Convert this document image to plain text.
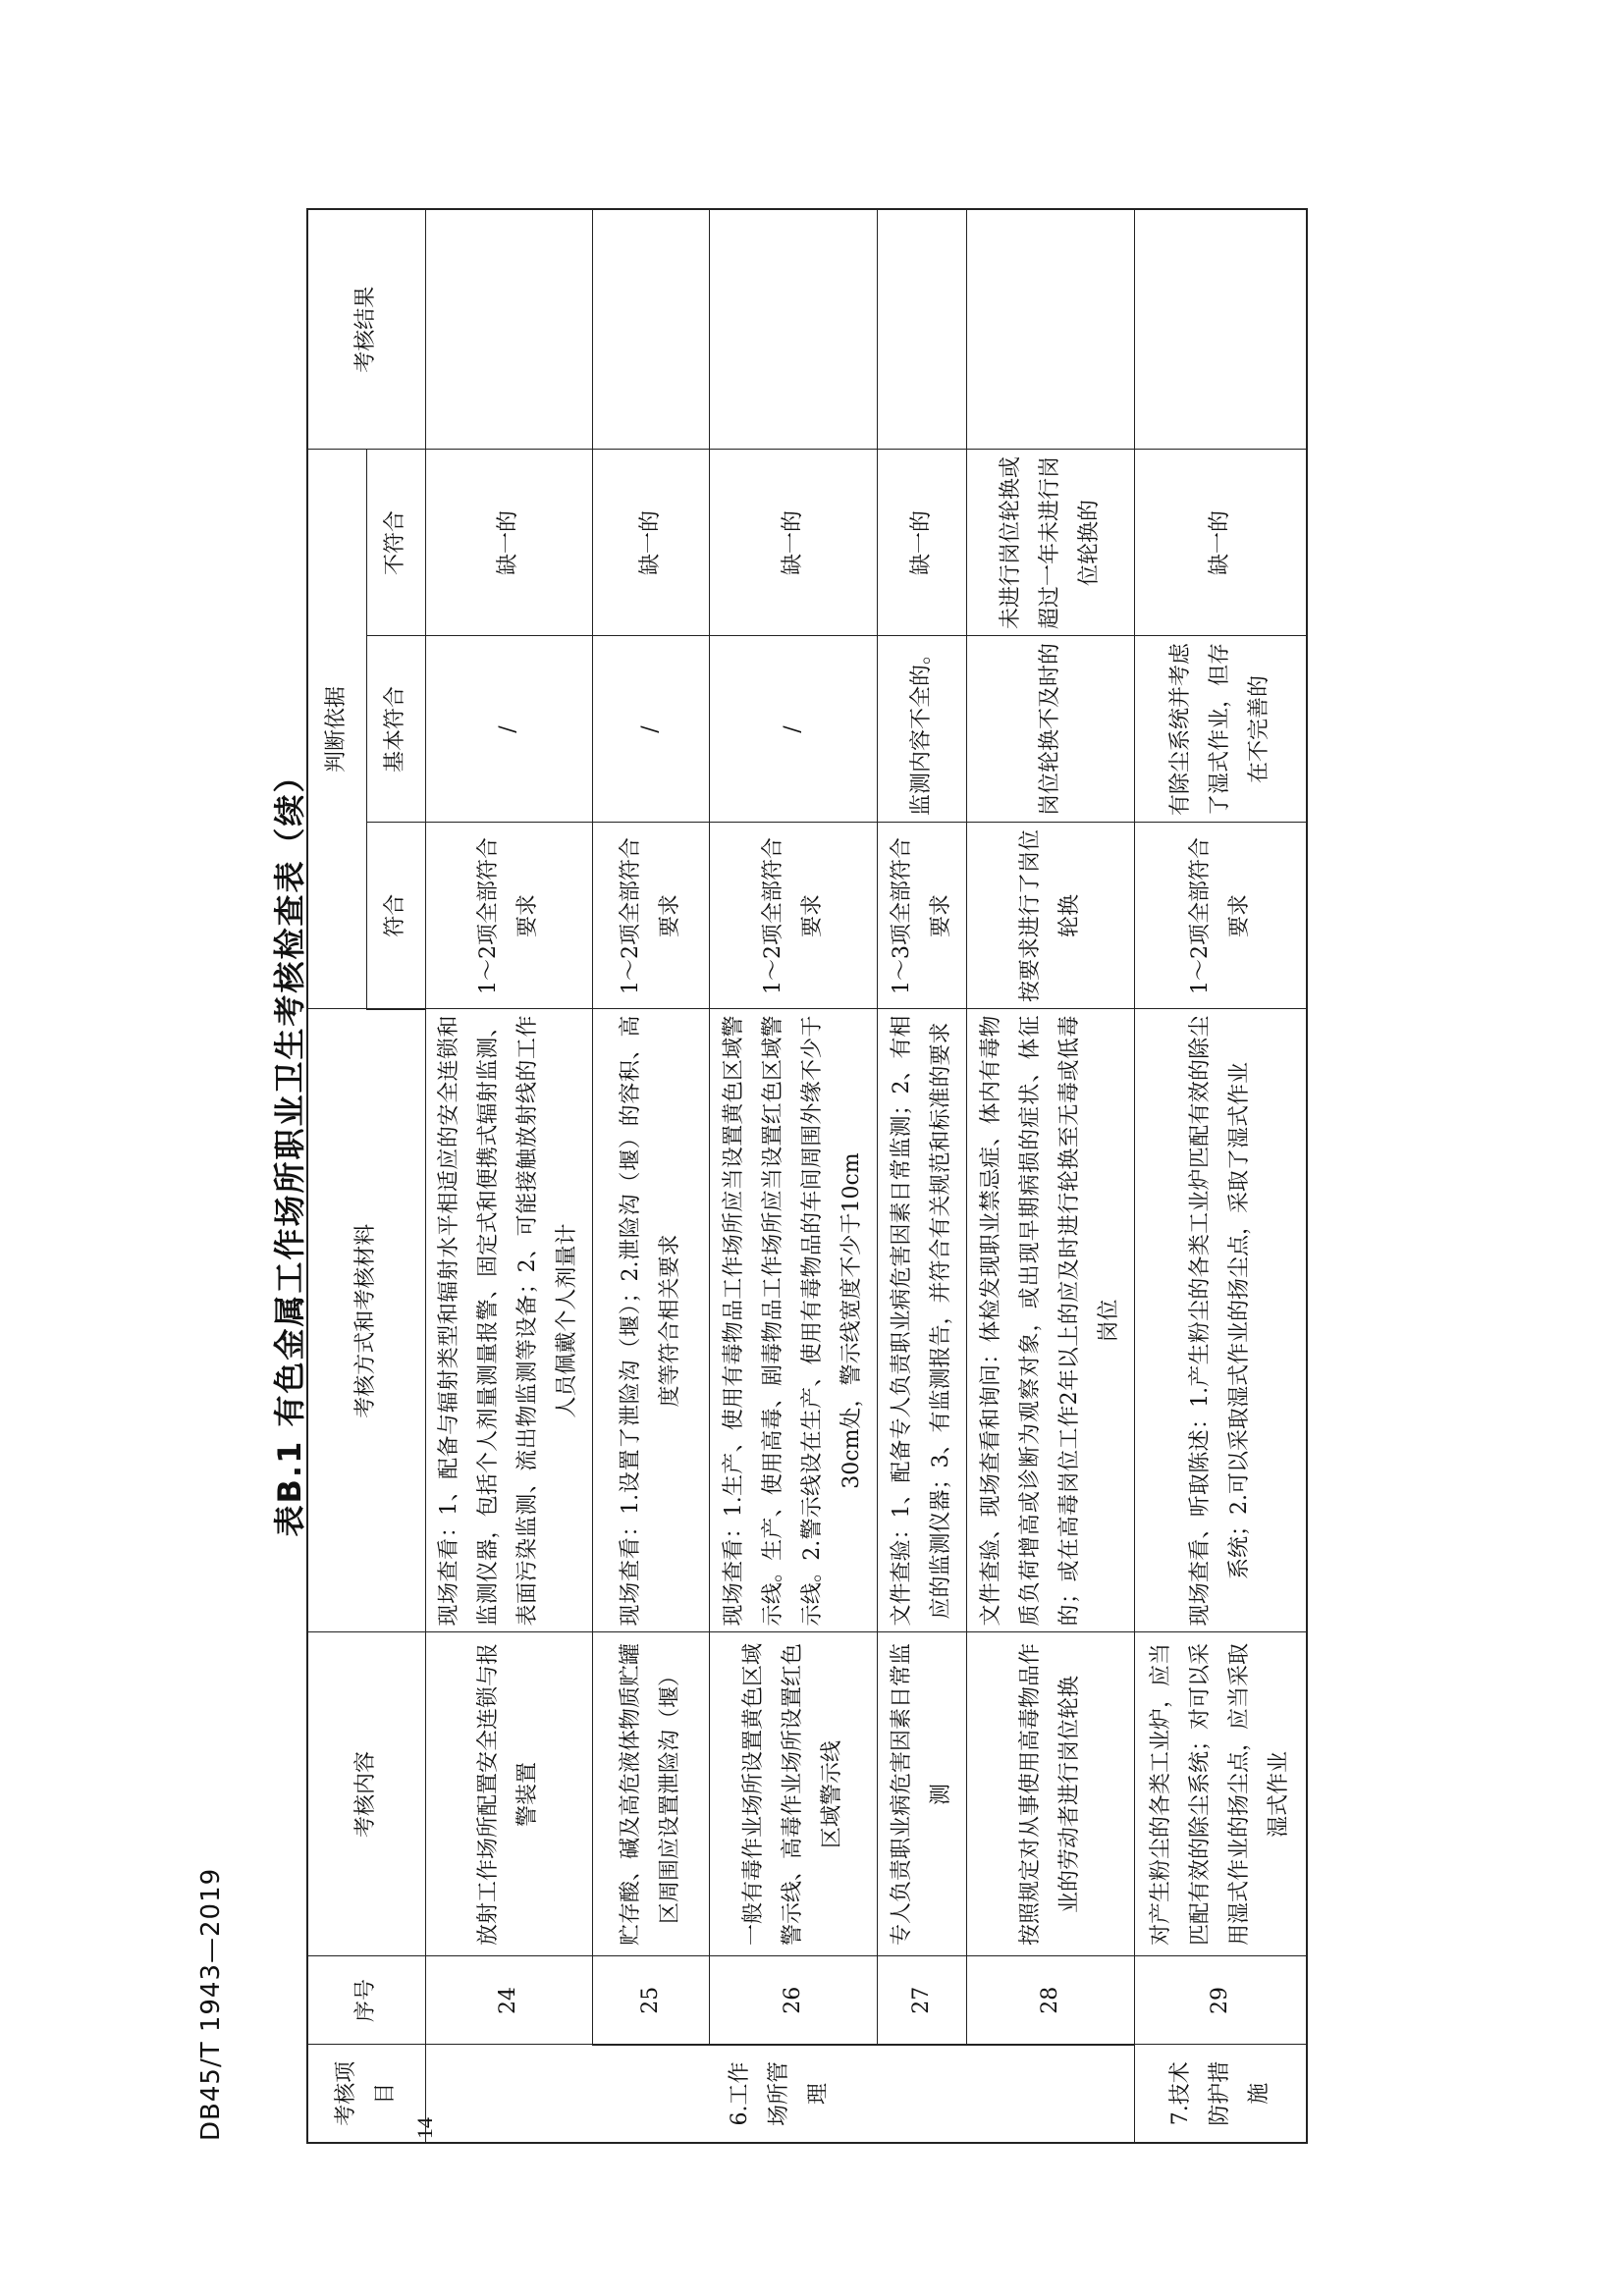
DB45/T 1943—2019	14
表B.1 有色金属工作场所职业卫生考核检查表（续）
考核项目	序号	考核内容	考核方式和考核材料	判断依据			考核结果
				符合	基本符合	不符合	
6.工作场所管理	24	放射工作场所配置安全连锁与报警装置	现场查看：1、配备与辐射类型和辐射水平相适应的安全连锁和监测仪器，包括个人剂量测量报警、固定式和便携式辐射监测、表面污染监测、流出物监测等设备；2、可能接触放射线的工作人员佩戴个人剂量计	1～2项全部符合要求	/	缺一的	
	25	贮存酸、碱及高危液体物质贮罐区周围应设置泄险沟（堰）	现场查看：1.设置了泄险沟（堰）；2.泄险沟（堰）的容积、高度等符合相关要求	1～2项全部符合要求	/	缺一的	
	26	一般有毒作业场所设置黄色区域警示线、高毒作业场所设置红色区域警示线	现场查看：1.生产、使用有毒物品工作场所应当设置黄色区域警示线。生产、使用高毒、剧毒物品工作场所应当设置红色区域警示线。2.警示线设在生产、使用有毒物品的车间周围外缘不少于30cm处，警示线宽度不少于10cm	1～2项全部符合要求	/	缺一的	
	27	专人负责职业病危害因素日常监测	文件查验：1、配备专人负责职业病危害因素日常监测；2、有相应的监测仪器；3、有监测报告，并符合有关规范和标准的要求	1～3项全部符合要求	监测内容不全的。	缺一的	
	28	按照规定对从事使用高毒物品作业的劳动者进行岗位轮换	文件查验、现场查看和询问：体检发现职业禁忌症、体内有毒物质负荷增高或诊断为观察对象，或出现早期病损的症状、体征的；或在高毒岗位工作2年以上的应及时进行轮换至无毒或低毒岗位	按要求进行了岗位轮换	岗位轮换不及时的	未进行岗位轮换或超过一年未进行岗位轮换的	
7.技术防护措施	29	对产生粉尘的各类工业炉，应当匹配有效的除尘系统；对可以采用湿式作业的扬尘点，应当采取湿式作业	现场查看、听取陈述：1.产生粉尘的各类工业炉匹配有效的除尘系统；2.可以采取湿式作业的扬尘点，采取了湿式作业	1～2项全部符合要求	有除尘系统并考虑了湿式作业，但存在不完善的	缺一的	
